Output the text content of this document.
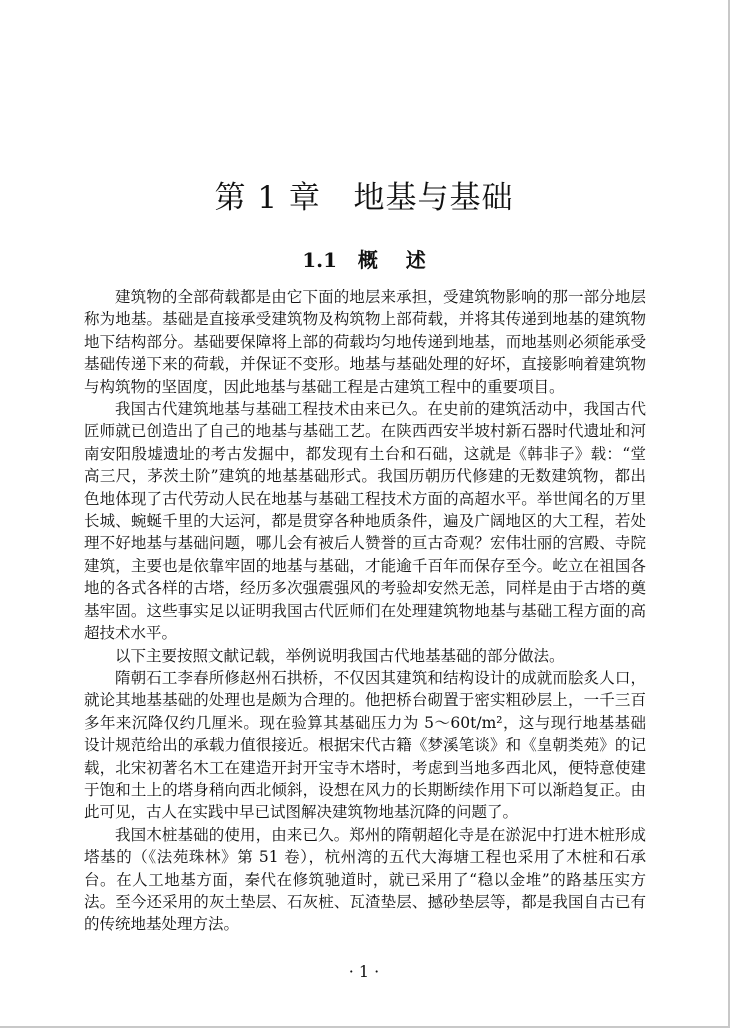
第 1 章   地基与基础
1.1   概    述

建筑物的全部荷载都是由它下面的地层来承担，受建筑物影响的那一部分地层称为地基。基础是直接承受建筑物及构筑物上部荷载，并将其传递到地基的建筑物地下结构部分。基础要保障将上部的荷载均匀地传递到地基，而地基则必须能承受基础传递下来的荷载，并保证不变形。地基与基础处理的好坏，直接影响着建筑物与构筑物的坚固度，因此地基与基础工程是古建筑工程中的重要项目。

我国古代建筑地基与基础工程技术由来已久。在史前的建筑活动中，我国古代匠师就已创造出了自己的地基与基础工艺。在陕西西安半坡村新石器时代遗址和河南安阳殷墟遗址的考古发掘中，都发现有土台和石础，这就是《韩非子》载：“堂高三尺，茅茨土阶”建筑的地基基础形式。我国历朝历代修建的无数建筑物，都出色地体现了古代劳动人民在地基与基础工程技术方面的高超水平。举世闻名的万里长城、蜿蜒千里的大运河，都是贯穿各种地质条件，遍及广阔地区的大工程，若处理不好地基与基础问题，哪儿会有被后人赞誉的亘古奇观？宏伟壮丽的宫殿、寺院建筑，主要也是依靠牢固的地基与基础，才能逾千百年而保存至今。屹立在祖国各地的各式各样的古塔，经历多次强震强风的考验却安然无恙，同样是由于古塔的奠基牢固。这些事实足以证明我国古代匠师们在处理建筑物地基与基础工程方面的高超技术水平。

以下主要按照文献记载，举例说明我国古代地基基础的部分做法。

隋朝石工李春所修赵州石拱桥，不仅因其建筑和结构设计的成就而脍炙人口，就论其地基基础的处理也是颇为合理的。他把桥台砌置于密实粗砂层上，一千三百多年来沉降仅约几厘米。现在验算其基础压力为 5～60t/m²，这与现行地基基础设计规范给出的承载力值很接近。根据宋代古籍《梦溪笔谈》和《皇朝类苑》的记载，北宋初著名木工在建造开封开宝寺木塔时，考虑到当地多西北风，便特意使建于饱和土上的塔身稍向西北倾斜，设想在风力的长期断续作用下可以渐趋复正。由此可见，古人在实践中早已试图解决建筑物地基沉降的问题了。

我国木桩基础的使用，由来已久。郑州的隋朝超化寺是在淤泥中打进木桩形成塔基的（《法苑珠林》第 51 卷），杭州湾的五代大海塘工程也采用了木桩和石承台。在人工地基方面，秦代在修筑驰道时，就已采用了“稳以金堆”的路基压实方法。至今还采用的灰土垫层、石灰桩、瓦渣垫层、撼砂垫层等，都是我国自古已有的传统地基处理方法。

· 1 ·
